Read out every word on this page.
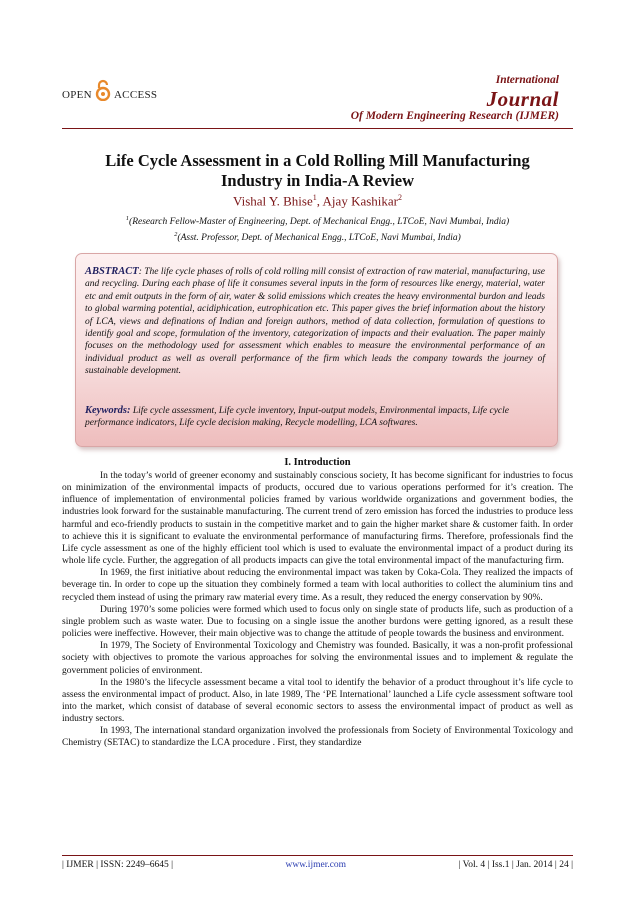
OPEN ACCESS
International
Journal
Of Modern Engineering Research (IJMER)
Life Cycle Assessment in a Cold Rolling Mill Manufacturing
Industry in India-A Review
Vishal Y. Bhise$^1$, Ajay Kashikar$^2$
$^1$(Research Fellow-Master of Engineering, Dept. of Mechanical Engg., LTCoE, Navi Mumbai, India)
$^2$(Asst. Professor, Dept. of Mechanical Engg., LTCoE, Navi Mumbai, India)
ABSTRACT: The life cycle phases of rolls of cold rolling mill consist of extraction of raw material, manufacturing, use and recycling. During each phase of life it consumes several inputs in the form of resources like energy, material, water etc and emit outputs in the form of air, water & solid emissions which creates the heavy environmental burdon and leads to global warming potential, acidiphication, eutrophication etc. This paper gives the brief information about the history of LCA, views and definations of Indian and foreign authors, method of data collection, formulation of questions to identify goal and scope, formulation of the inventory, categorization of impacts and their evaluation. The paper mainly focuses on the methodology used for assessment which enables to measure the environmental performance of an individual product as well as overall performance of the firm which leads the company towards the journey of sustainable development.
Keywords: Life cycle assessment, Life cycle inventory, Input-output models, Environmental impacts, Life cycle performance indicators, Life cycle decision making, Recycle modelling, LCA softwares.
I. Introduction

In the today’s world of greener economy and sustainably conscious society, It has become significant for industries to focus on minimization of the environmental impacts of products, occured due to various operations performed for it’s creation. The influence of implementation of environmental policies framed by various worldwide organizations and government bodies, the industries look forward for the sustainable manufacturing. The current trend of zero emission has forced the industries to produce less harmful and eco-friendly products to sustain in the competitive market and to gain the higher market share & customer faith. In order to achieve this it is significant to evaluate the environmental performance of manufacturing firms. Therefore, professionals find the Life cycle assessment as one of the highly efficient tool which is used to evaluate the environmental impact of a product during its whole life cycle. Further, the aggregation of all products impacts can give the total environmental impact of the manufacturing firm.

In 1969, the first initiative about reducing the environmental impact was taken by Coka-Cola. They realized the impacts of beverage tin. In order to cope up the situation they combinely formed a team with local authorities to collect the aluminium tins and recycled them instead of using the primary raw material every time. As a result, they reduced the energy conservation by 90%.

During 1970’s some policies were formed which used to focus only on single state of products life, such as production of a single problem such as waste water. Due to focusing on a single issue the another burdons were getting ignored, as a result these policies were ineffective. However, their main objective was to change the attitude of people towards the business and environment.

In 1979, The Society of Environmental Toxicology and Chemistry was founded. Basically, it was a non-profit professional society with objectives to promote the various approaches for solving the environmental issues and to implement & regulate the government policies of environment.

In the 1980’s the lifecycle assessment became a vital tool to identify the behavior of a product throughout it’s life cycle to assess the environmental impact of product. Also, in late 1989, The ‘PE International’ launched a Life cycle assessment software tool into the market, which consist of database of several economic sectors to assess the environmental impact of product as well as industry sectors.

In 1993, The international standard organization involved the professionals from Society of Environmental Toxicology and Chemistry (SETAC) to standardize the LCA procedure . First, they standardize

| IJMER | ISSN: 2249–6645 |	www.ijmer.com	| Vol. 4 | Iss.1 | Jan. 2014 | 24 |
